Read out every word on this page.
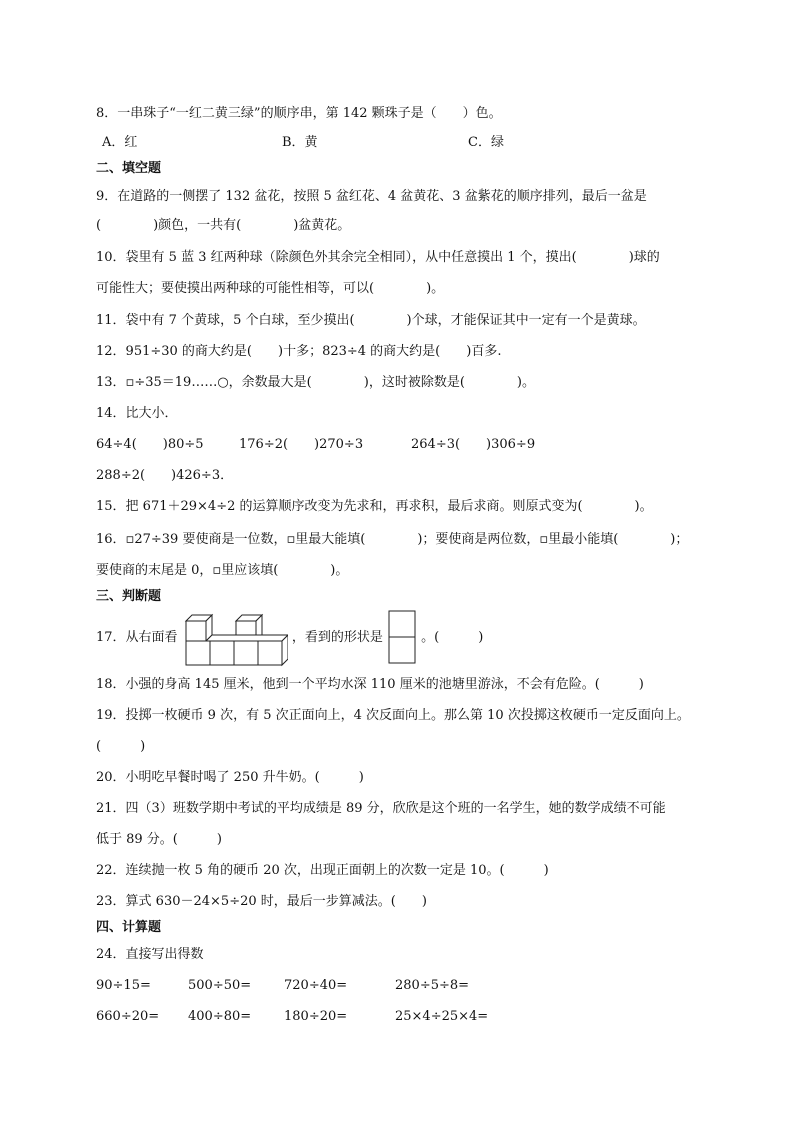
8．一串珠子“一红二黄三绿”的顺序串，第 142 颗珠子是（　　）色。
A．红	B．黄	C．绿
二、填空题
9．在道路的一侧摆了 132 盆花，按照 5 盆红花、4 盆黄花、3 盆紫花的顺序排列，最后一盆是
(　　　　)颜色，一共有(　　　　)盆黄花。
10．袋里有 5 蓝 3 红两种球（除颜色外其余完全相同），从中任意摸出 1 个，摸出(　　　　)球的
可能性大；要使摸出两种球的可能性相等，可以(　　　　)。
11．袋中有 7 个黄球，5 个白球，至少摸出(　　　　)个球，才能保证其中一定有一个是黄球。
12．951÷30 的商大约是(　　)十多；823÷4 的商大约是(　　)百多.
13．▫÷35＝19……○，余数最大是(　　　　)，这时被除数是(　　　　)。
14．比大小．
64÷4(　　)80÷5	176÷2(　　)270÷3	264÷3(　　)306÷9
288÷2(　　)426÷3．
15．把 671＋29×4÷2 的运算顺序改变为先求和，再求积，最后求商。则原式变为(　　　　)。
16．▫27÷39 要使商是一位数，▫里最大能填(　　　　)；要使商是两位数，▫里最小能填(　　　　)；
要使商的末尾是 0，▫里应该填(　　　　)。
三、判断题
17．从右面看	，看到的形状是	。(　　　)
18．小强的身高 145 厘米，他到一个平均水深 110 厘米的池塘里游泳，不会有危险。(　　　)
19．投掷一枚硬币 9 次，有 5 次正面向上，4 次反面向上。那么第 10 次投掷这枚硬币一定反面向上。
(　　　)
20．小明吃早餐时喝了 250 升牛奶。(　　　)
21．四（3）班数学期中考试的平均成绩是 89 分，欣欣是这个班的一名学生，她的数学成绩不可能
低于 89 分。(　　　)
22．连续抛一枚 5 角的硬币 20 次，出现正面朝上的次数一定是 10。(　　　)
23．算式 630－24×5÷20 时，最后一步算减法。(　　)
四、计算题
24．直接写出得数
90÷15=	500÷50=	720÷40=	280÷5÷8=
660÷20= 400÷80=	180÷20=	25×4÷25×4=
